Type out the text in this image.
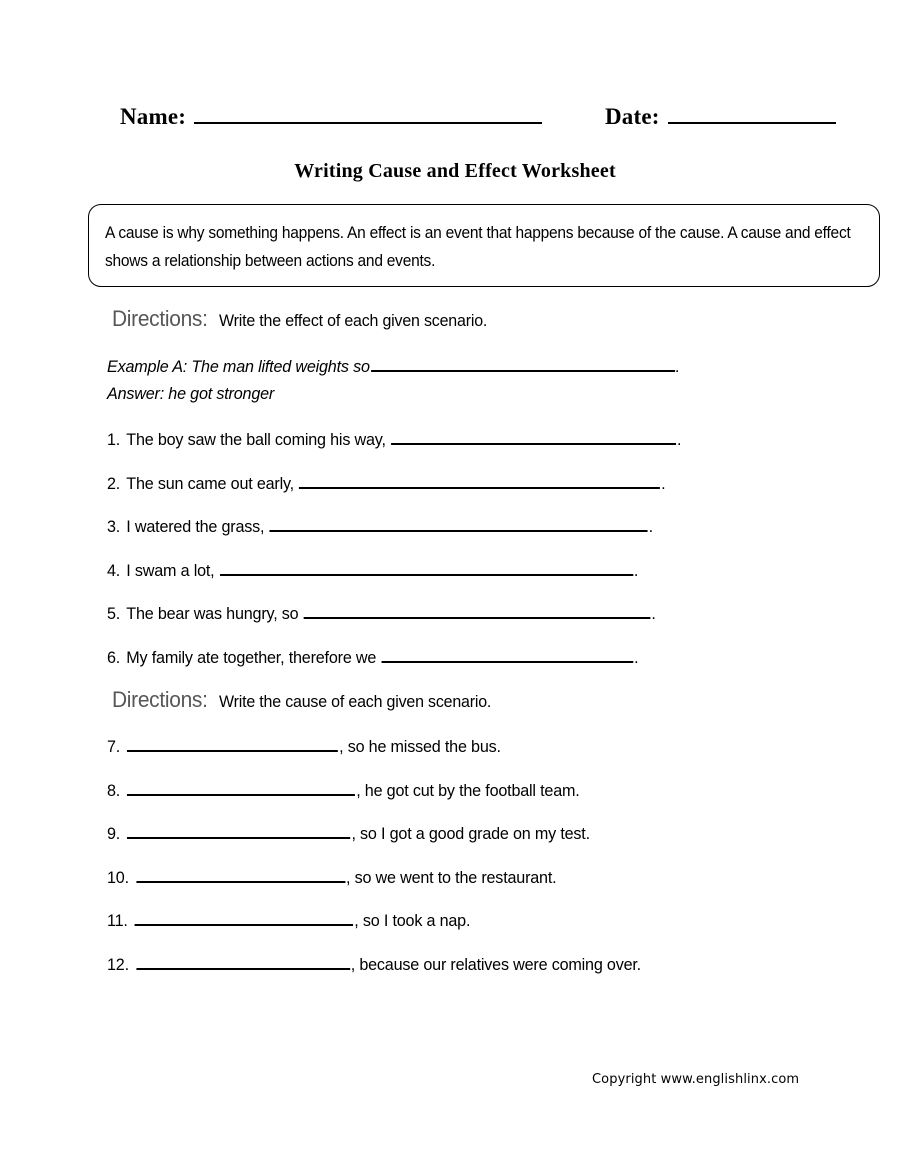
Name:	Date:
Writing Cause and Effect Worksheet
A cause is why something happens. An effect is an event that happens because of the cause. A cause and effect shows a relationship between actions and events.
Directions: Write the effect of each given scenario.
Example A: The man lifted weights so	.
Answer: he got stronger
1. The boy saw the ball coming his way,	.
2. The sun came out early,	.
3. I watered the grass,	.
4. I swam a lot,	.
5. The bear was hungry, so	.
6. My family ate together, therefore we	.
Directions: Write the cause of each given scenario.
7.	, so he missed the bus.
8.	, he got cut by the football team.
9.	, so I got a good grade on my test.
10.	, so we went to the restaurant.
11.	, so I took a nap.
12.	, because our relatives were coming over.
Copyright www.englishlinx.com
